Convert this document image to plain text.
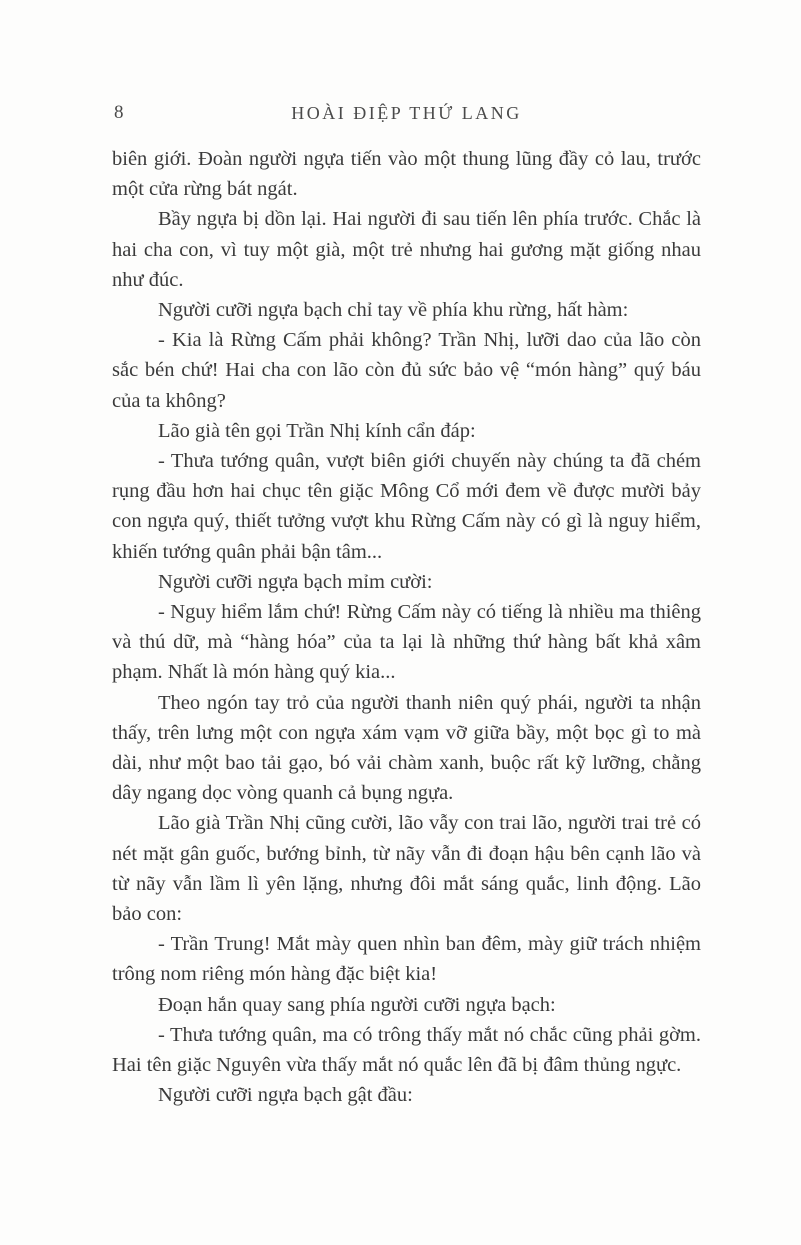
8	HOÀI ĐIỆP THỨ LANG

biên giới. Đoàn người ngựa tiến vào một thung lũng đầy cỏ lau, trước một cửa rừng bát ngát.

Bầy ngựa bị dồn lại. Hai người đi sau tiến lên phía trước. Chắc là hai cha con, vì tuy một già, một trẻ nhưng hai gương mặt giống nhau như đúc.

Người cưỡi ngựa bạch chỉ tay về phía khu rừng, hất hàm:

- Kia là Rừng Cấm phải không? Trần Nhị, lưỡi dao của lão còn sắc bén chứ! Hai cha con lão còn đủ sức bảo vệ “món hàng” quý báu của ta không?

Lão già tên gọi Trần Nhị kính cẩn đáp:

- Thưa tướng quân, vượt biên giới chuyến này chúng ta đã chém rụng đầu hơn hai chục tên giặc Mông Cổ mới đem về được mười bảy con ngựa quý, thiết tưởng vượt khu Rừng Cấm này có gì là nguy hiểm, khiến tướng quân phải bận tâm...

Người cưỡi ngựa bạch mỉm cười:

- Nguy hiểm lắm chứ! Rừng Cấm này có tiếng là nhiều ma thiêng và thú dữ, mà “hàng hóa” của ta lại là những thứ hàng bất khả xâm phạm. Nhất là món hàng quý kia...

Theo ngón tay trỏ của người thanh niên quý phái, người ta nhận thấy, trên lưng một con ngựa xám vạm vỡ giữa bầy, một bọc gì to mà dài, như một bao tải gạo, bó vải chàm xanh, buộc rất kỹ lưỡng, chằng dây ngang dọc vòng quanh cả bụng ngựa.

Lão già Trần Nhị cũng cười, lão vẫy con trai lão, người trai trẻ có nét mặt gân guốc, bướng bỉnh, từ nãy vẫn đi đoạn hậu bên cạnh lão và từ nãy vẫn lầm lì yên lặng, nhưng đôi mắt sáng quắc, linh động. Lão bảo con:

- Trần Trung! Mắt mày quen nhìn ban đêm, mày giữ trách nhiệm trông nom riêng món hàng đặc biệt kia!

Đoạn hắn quay sang phía người cưỡi ngựa bạch:

- Thưa tướng quân, ma có trông thấy mắt nó chắc cũng phải gờm. Hai tên giặc Nguyên vừa thấy mắt nó quắc lên đã bị đâm thủng ngực.

Người cưỡi ngựa bạch gật đầu:
